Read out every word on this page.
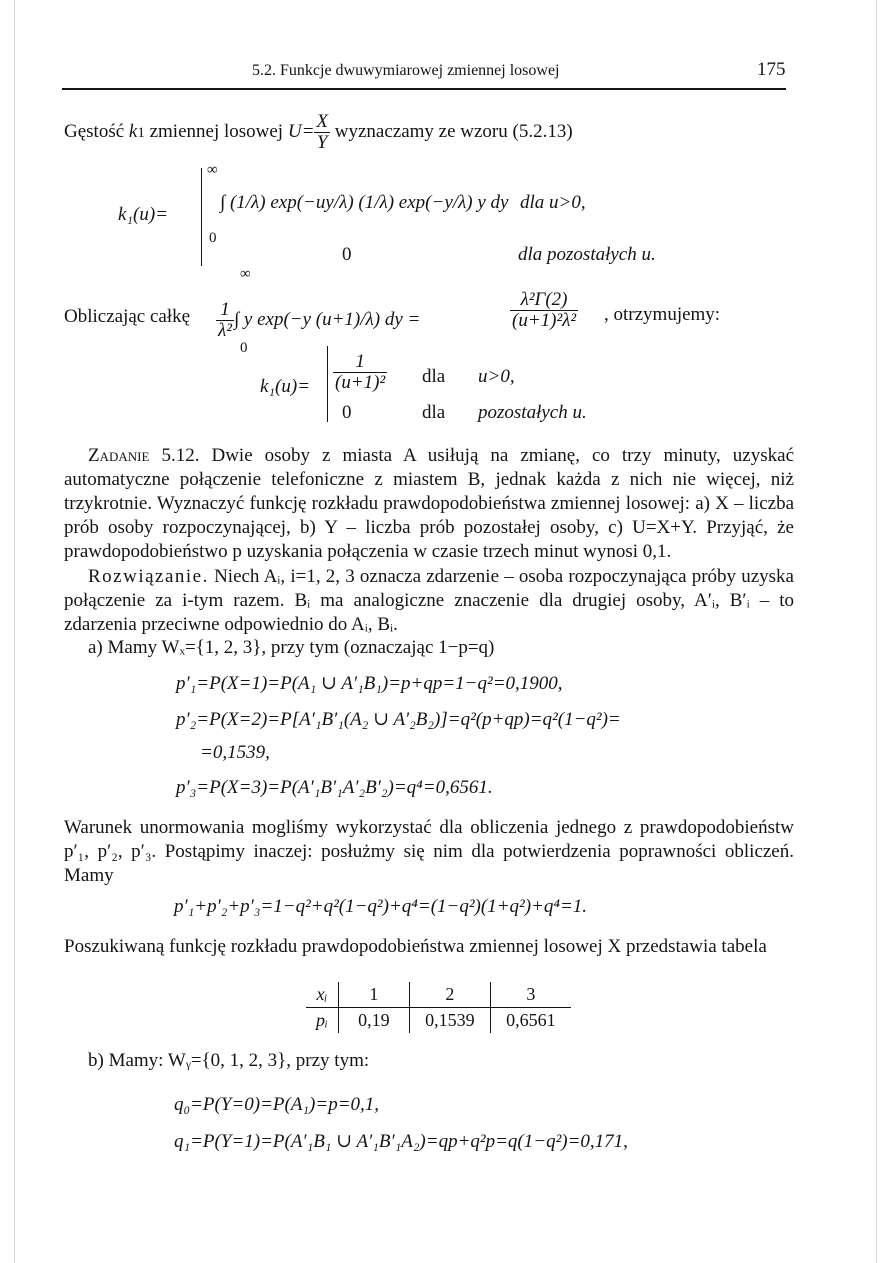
5.2. Funkcje dwuwymiarowej zmiennej losowej	175
Gęstość k1 zmiennej losowej $U= \frac{X}{Y}$ wyznaczamy ze wzoru (5.2.13)
k₁(u)=
∞
0
∫ (1/λ) exp(−uy/λ) (1/λ) exp(−y/λ) y dy dla u>0,
0	dla pozostałych u.
Obliczając całkę
∞
0
$\frac{1}{\text{λ²}}$ ∫ y exp(−y (u+1)/λ) dy =	$\frac{\text{λ²Γ(2)}}{\text{(u+1)²λ²}}$ , otrzymujemy:
$k_1(u)= \frac{1}{\text{(u+1)²}}$ dla u>0,
0	dla pozostałych u.
Zadanie 5.12. Dwie osoby z miasta A usiłują na zmianę, co trzy minuty, uzyskać automatyczne połączenie telefoniczne z miastem B, jednak każda z nich nie więcej, niż trzykrotnie. Wyznaczyć funkcję rozkładu prawdopodobieństwa zmiennej losowej: a) X – liczba prób osoby rozpoczynającej, b) Y – liczba prób pozostałej osoby, c) U=X+Y. Przyjąć, że prawdopodobieństwo p uzyskania połączenia w czasie trzech minut wynosi 0,1.
Rozwiązanie. Niech Aᵢ, i=1, 2, 3 oznacza zdarzenie – osoba rozpoczynająca próby uzyska połączenie za i-tym razem. Bᵢ ma analogiczne znaczenie dla drugiej osoby, A′ᵢ, B′ᵢ – to zdarzenia przeciwne odpowiednio do Aᵢ, Bᵢ.
a) Mamy Wₓ={1, 2, 3}, przy tym (oznaczając 1−p=q)
p′₁=P(X=1)=P(A₁ ∪ A′₁B₁)=p+qp=1−q²=0,1900,
p′₂=P(X=2)=P[A′₁B′₁(A₂ ∪ A′₂B₂)]=q²(p+qp)=q²(1−q²)=
=0,1539,
p′₃=P(X=3)=P(A′₁B′₁A′₂B′₂)=q⁴=0,6561.
Warunek unormowania mogliśmy wykorzystać dla obliczenia jednego z prawdopodobieństw p′₁, p′₂, p′₃. Postąpimy inaczej: posłużmy się nim dla potwierdzenia poprawności obliczeń. Mamy
p′₁+p′₂+p′₃=1−q²+q²(1−q²)+q⁴=(1−q²)(1+q²)+q⁴=1.
Poszukiwaną funkcję rozkładu prawdopodobieństwa zmiennej losowej X przedstawia tabela
xᵢ	1	2	3
pᵢ	0,19	0,1539	0,6561
b) Mamy: Wᵧ={0, 1, 2, 3}, przy tym:
q₀=P(Y=0)=P(A₁)=p=0,1,
q₁=P(Y=1)=P(A′₁B₁ ∪ A′₁B′₁A₂)=qp+q²p=q(1−q²)=0,171,
